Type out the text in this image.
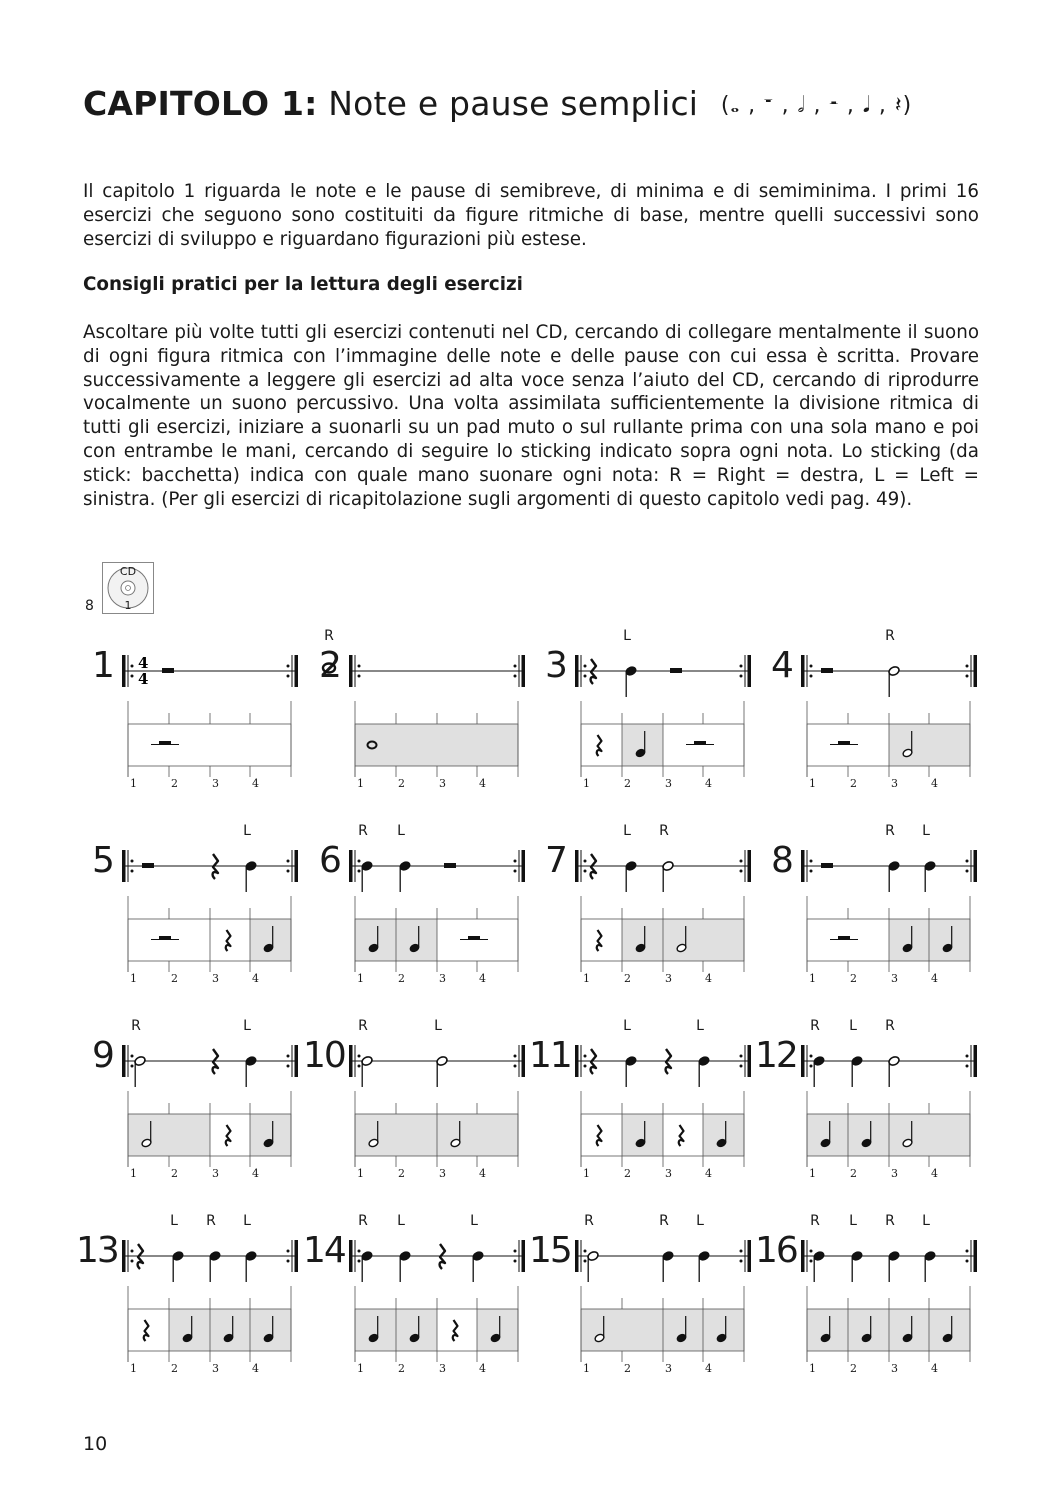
CAPITOLO 1: Note e pause semplici (𝅝 , 𝄻 , 𝅗𝅥 , 𝄼 , 𝅘𝅥 , 𝄽)

Il capitolo 1 riguarda le note e le pause di semibreve, di minima e di semiminima. I primi 16 esercizi che seguono sono costituiti da figure ritmiche di base, mentre quelli successivi sono esercizi di sviluppo e riguardano figurazioni più estese.

Consigli pratici per la lettura degli esercizi

Ascoltare più volte tutti gli esercizi contenuti nel CD, cercando di collegare mentalmente il suono di ogni figura ritmica con l’immagine delle note e delle pause con cui essa è scritta. Provare successivamente a leggere gli esercizi ad alta voce senza l’aiuto del CD, cercando di riprodurre vocalmente un suono percussivo. Una volta assimilata sufficientemente la divisione ritmica di tutti gli esercizi, iniziare a suonarli su un pad muto o sul rullante prima con una sola mano e poi con entrambe le mani, cercando di seguire lo sticking indicato sopra ogni nota. Lo sticking (da stick: bacchetta) indica con quale mano suonare ogni nota: R = Right = destra, L = Left = sinistra. (Per gli esercizi di ricapitolazione sugli argomenti di questo capitolo vedi pag. 49).

8
CD
1
1 4
4
1	2	3	4
2
R
1	2	3	4
3
L
1	2	3	4
4
R
1	2	3	4
5
L
1	2	3	4
6
R	L
1	2	3	4
7
L	R
1	2	3	4
8
R	L
1	2	3	4
9
R	L
1	2	3	4
10
R	L
1	2	3	4
11
L	L
1	2	3	4
12
R	L	R
1	2	3	4
13
L	R	L
1	2	3	4
14
R	L	L
1	2	3	4
15
R	R	L
1	2	3	4
16
R	L	R	L
1	2	3	4
10
